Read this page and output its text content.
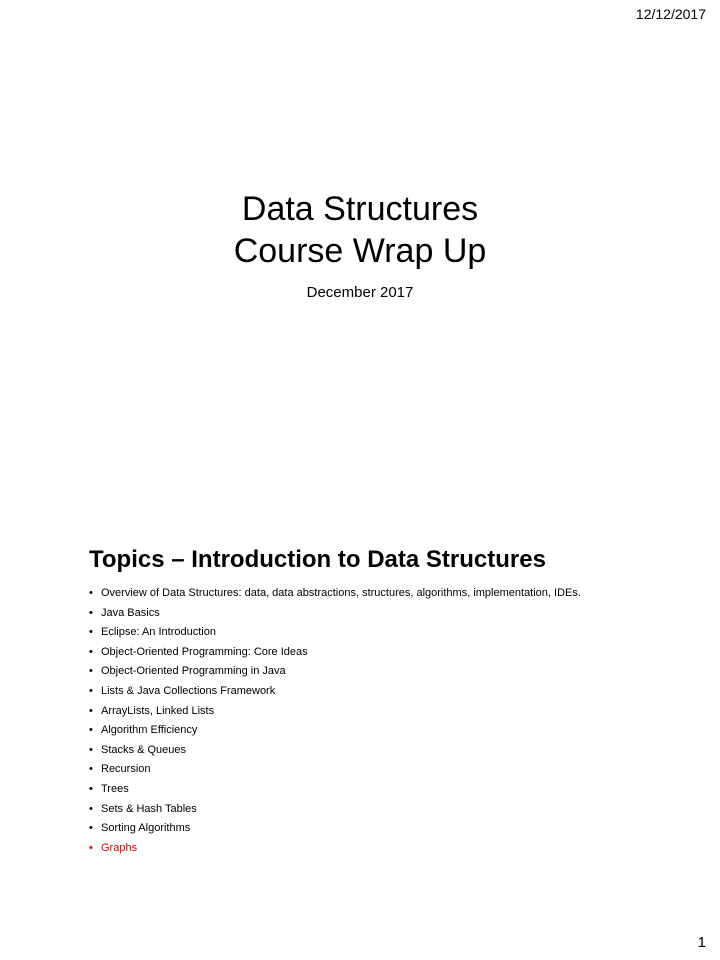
12/12/2017
Data Structures
Course Wrap Up
December 2017
Topics – Introduction to Data Structures
• Overview of Data Structures: data, data abstractions, structures, algorithms, implementation, IDEs.
• Java Basics
• Eclipse: An Introduction
• Object-Oriented Programming: Core Ideas
• Object-Oriented Programming in Java
• Lists & Java Collections Framework
• ArrayLists, Linked Lists
• Algorithm Efficiency
• Stacks & Queues
• Recursion
• Trees
• Sets & Hash Tables
• Sorting Algorithms
• Graphs
1
